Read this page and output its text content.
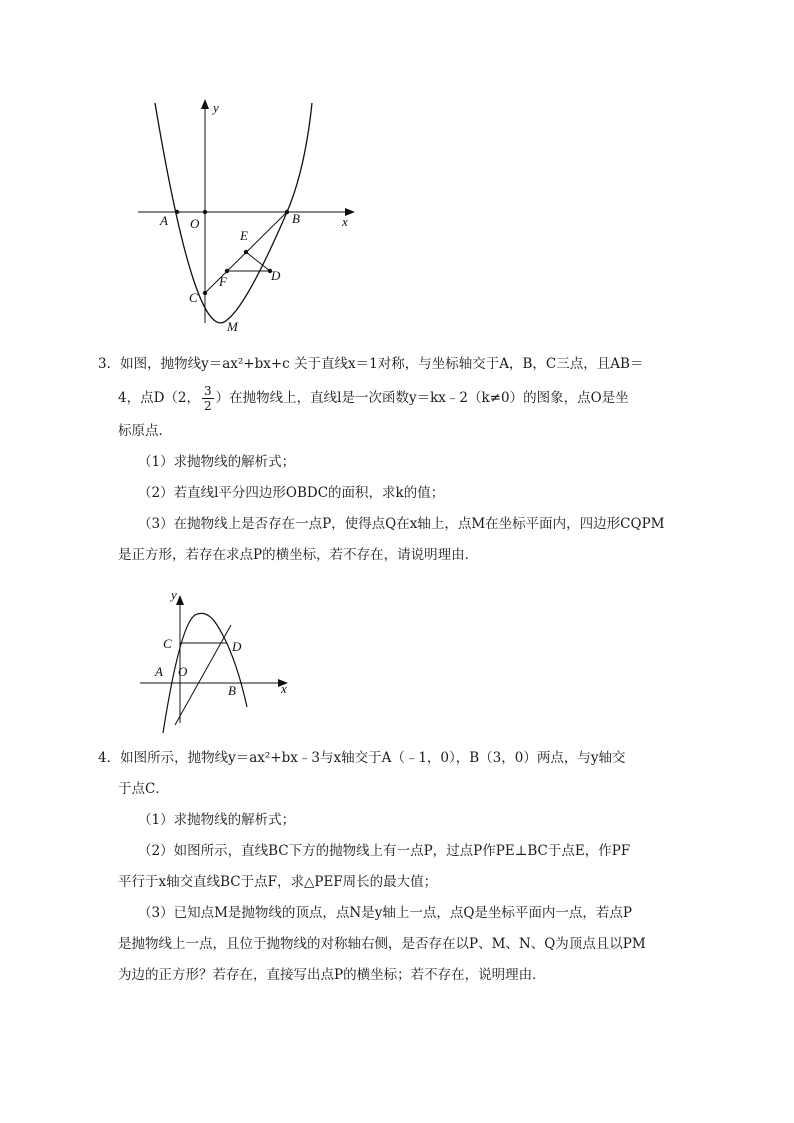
y
x
A O	B
E
F	D
C
M
3．如图，抛物线y＝ax²+bx+c 关于直线x＝1对称，与坐标轴交于A，B，C三点，且AB＝
4，点D（2， $\frac{3}{2}$ ）在抛物线上，直线l是一次函数y＝kx﹣2（k≠0）的图象，点O是坐
标原点．
（1）求抛物线的解析式；
（2）若直线l平分四边形OBDC的面积，求k的值；
（3）在抛物线上是否存在一点P，使得点Q在x轴上，点M在坐标平面内，四边形CQPM
是正方形，若存在求点P的横坐标，若不存在，请说明理由．
y
x
C	D
A O
B
4．如图所示，抛物线y＝ax²+bx﹣3与x轴交于A（﹣1，0），B（3，0）两点，与y轴交
于点C．
（1）求抛物线的解析式；
（2）如图所示，直线BC下方的抛物线上有一点P，过点P作PE⊥BC于点E，作PF
平行于x轴交直线BC于点F，求△PEF周长的最大值；
（3）已知点M是抛物线的顶点，点N是y轴上一点，点Q是坐标平面内一点，若点P
是抛物线上一点，且位于抛物线的对称轴右侧，是否存在以P、M、N、Q为顶点且以PM
为边的正方形？若存在，直接写出点P的横坐标；若不存在，说明理由．
